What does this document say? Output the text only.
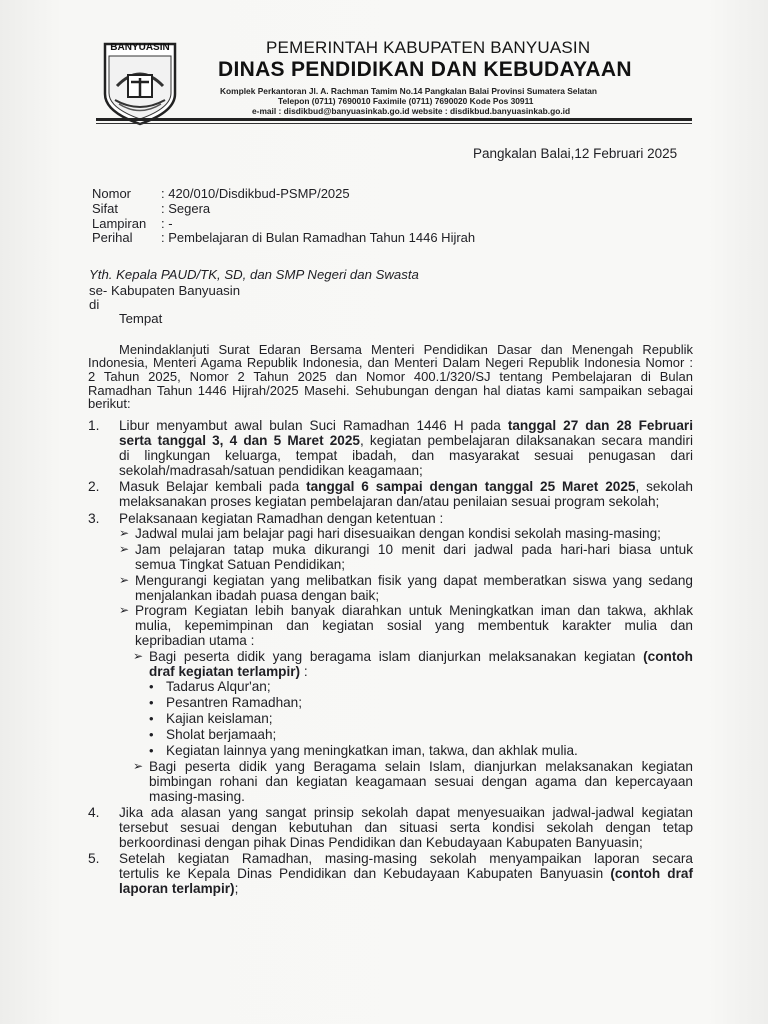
BANYUASIN	PEMERINTAH KABUPATEN BANYUASIN
DINAS PENDIDIKAN DAN KEBUDAYAAN
Komplek Perkantoran Jl. A. Rachman Tamim No.14 Pangkalan Balai Provinsi Sumatera Selatan
Telepon (0711) 7690010 Faximile (0711) 7690020 Kode Pos 30911
e-mail : disdikbud@banyuasinkab.go.id website : disdikbud.banyuasinkab.go.id
Pangkalan Balai,12 Februari 2025
Nomor : 420/010/Disdikbud-PSMP/2025
Sifat	: Segera
Lampiran : -
Perihal : Pembelajaran di Bulan Ramadhan Tahun 1446 Hijrah
Yth. Kepala PAUD/TK, SD, dan SMP Negeri dan Swasta
se- Kabupaten Banyuasin
di
Tempat
Menindaklanjuti Surat Edaran Bersama Menteri Pendidikan Dasar dan Menengah Republik
Indonesia, Menteri Agama Republik Indonesia, dan Menteri Dalam Negeri Republik Indonesia Nomor :
2 Tahun 2025, Nomor 2 Tahun 2025 dan Nomor 400.1/320/SJ tentang Pembelajaran di Bulan
Ramadhan Tahun 1446 Hijrah/2025 Masehi. Sehubungan dengan hal diatas kami sampaikan sebagai
berikut:
1. Libur menyambut awal bulan Suci Ramadhan 1446 H pada tanggal 27 dan 28 Februari
serta tanggal 3, 4 dan 5 Maret 2025, kegiatan pembelajaran dilaksanakan secara mandiri
di lingkungan keluarga, tempat ibadah, dan masyarakat sesuai penugasan dari
sekolah/madrasah/satuan pendidikan keagamaan;
2. Masuk Belajar kembali pada tanggal 6 sampai dengan tanggal 25 Maret 2025, sekolah
melaksanakan proses kegiatan pembelajaran dan/atau penilaian sesuai program sekolah;
3. Pelaksanaan kegiatan Ramadhan dengan ketentuan :
➢ Jadwal mulai jam belajar pagi hari disesuaikan dengan kondisi sekolah masing-masing;
➢ Jam pelajaran tatap muka dikurangi 10 menit dari jadwal pada hari-hari biasa untuk
semua Tingkat Satuan Pendidikan;
➢ Mengurangi kegiatan yang melibatkan fisik yang dapat memberatkan siswa yang sedang
menjalankan ibadah puasa dengan baik;
➢ Program Kegiatan lebih banyak diarahkan untuk Meningkatkan iman dan takwa, akhlak
mulia, kepemimpinan dan kegiatan sosial yang membentuk karakter mulia dan
kepribadian utama :
➢ Bagi peserta didik yang beragama islam dianjurkan melaksanakan kegiatan (contoh
draf kegiatan terlampir) :
• Tadarus Alqur'an;
• Pesantren Ramadhan;
• Kajian keislaman;
• Sholat berjamaah;
• Kegiatan lainnya yang meningkatkan iman, takwa, dan akhlak mulia.
➢ Bagi peserta didik yang Beragama selain Islam, dianjurkan melaksanakan kegiatan
bimbingan rohani dan kegiatan keagamaan sesuai dengan agama dan kepercayaan
masing-masing.
4. Jika ada alasan yang sangat prinsip sekolah dapat menyesuaikan jadwal-jadwal kegiatan
tersebut sesuai dengan kebutuhan dan situasi serta kondisi sekolah dengan tetap
berkoordinasi dengan pihak Dinas Pendidikan dan Kebudayaan Kabupaten Banyuasin;
5. Setelah kegiatan Ramadhan, masing-masing sekolah menyampaikan laporan secara
tertulis ke Kepala Dinas Pendidikan dan Kebudayaan Kabupaten Banyuasin (contoh draf
laporan terlampir);
